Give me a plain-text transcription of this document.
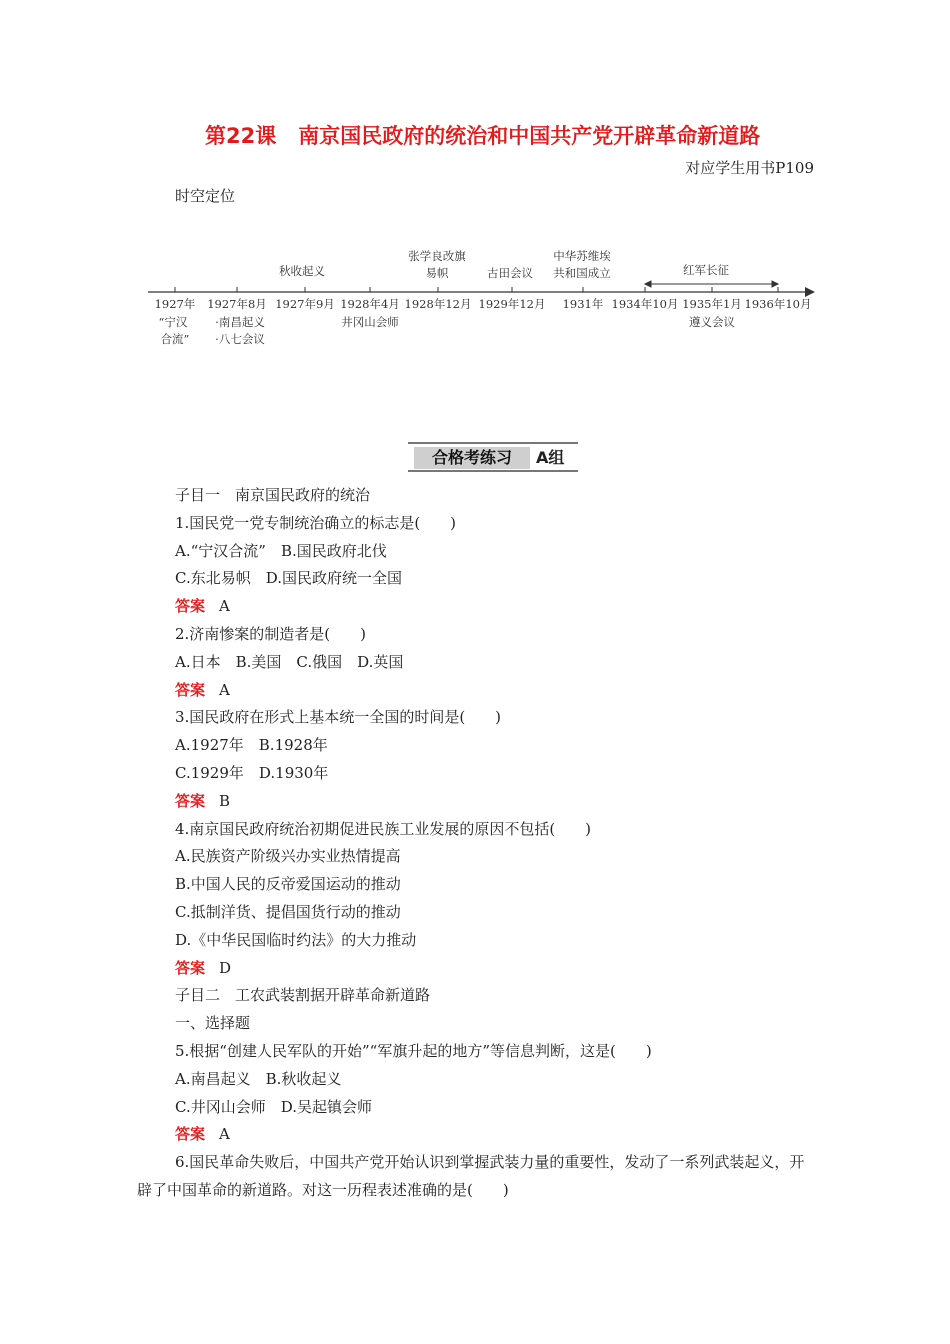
第22课 南京国民政府的统治和中国共产党开辟革命新道路
对应学生用书P109
时空定位
秋收起义
张学良改旗
易帜	古田会议
中华苏维埃
共和国成立	红军长征
1927年 1927年8月 1927年9月 1928年4月 1928年12月 1929年12月 1931年 1934年10月 1935年1月 1936年10月
“宁汉
合流”
·南昌起义
·八七会议
井冈山会师	遵义会议
合格考练习	A组
子目一　南京国民政府的统治
1.国民党一党专制统治确立的标志是(　　)
A.“宁汉合流”　B.国民政府北伐
C.东北易帜　D.国民政府统一全国
答案 A
2.济南惨案的制造者是(　　)
A.日本　B.美国　C.俄国　D.英国
答案 A
3.国民政府在形式上基本统一全国的时间是(　　)
A.1927年　B.1928年
C.1929年　D.1930年
答案 B
4.南京国民政府统治初期促进民族工业发展的原因不包括(　　)
A.民族资产阶级兴办实业热情提高
B.中国人民的反帝爱国运动的推动
C.抵制洋货、提倡国货行动的推动
D.《中华民国临时约法》的大力推动
答案 D
子目二　工农武装割据开辟革命新道路
一、选择题
5.根据“创建人民军队的开始”“军旗升起的地方”等信息判断，这是(　　)
A.南昌起义　B.秋收起义
C.井冈山会师　D.吴起镇会师
答案 A
6.国民革命失败后，中国共产党开始认识到掌握武装力量的重要性，发动了一系列武装起义，开辟了中国革命的新道路。对这一历程表述准确的是(　　)
